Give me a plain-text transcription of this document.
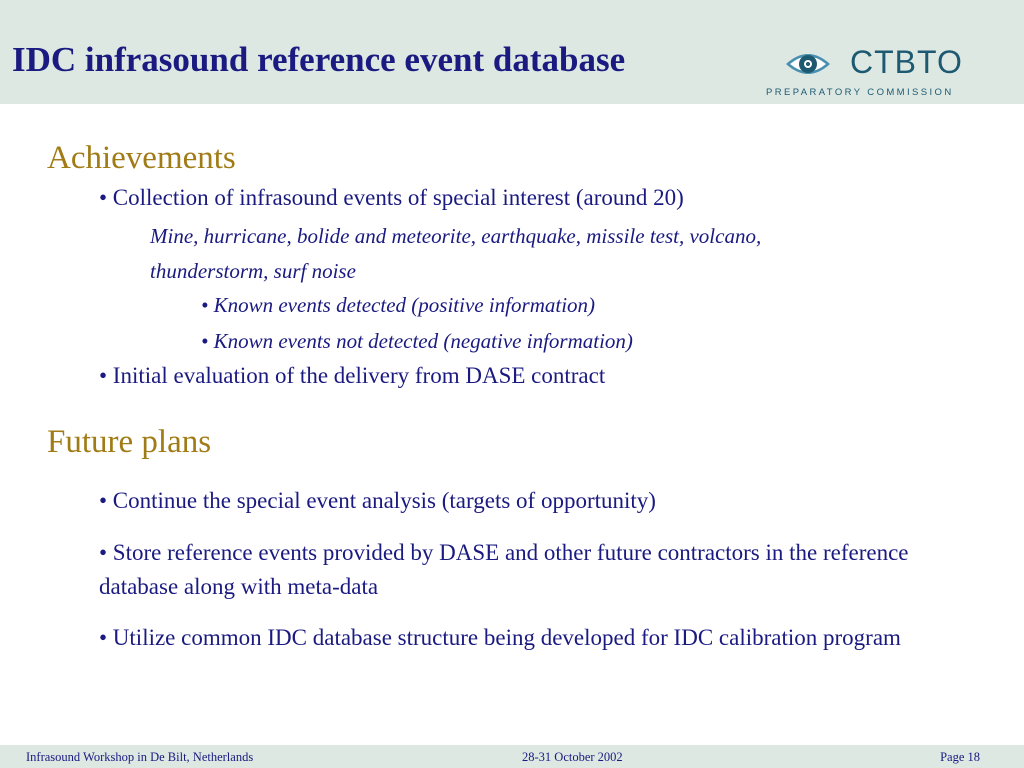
IDC infrasound reference event database	CTBTO
PREPARATORY COMMISSION
Achievements
• Collection of infrasound events of special interest (around 20)
Mine, hurricane, bolide and meteorite, earthquake, missile test, volcano,
thunderstorm, surf noise
• Known events detected (positive information)
• Known events not detected (negative information)
• Initial evaluation of the delivery from DASE contract
Future plans
• Continue the special event analysis (targets of opportunity)
• Store reference events provided by DASE and other future contractors in the reference database along with meta-data
• Utilize common IDC database structure being developed for IDC calibration program
Infrasound Workshop in De Bilt, Netherlands	28-31 October 2002	Page 18
